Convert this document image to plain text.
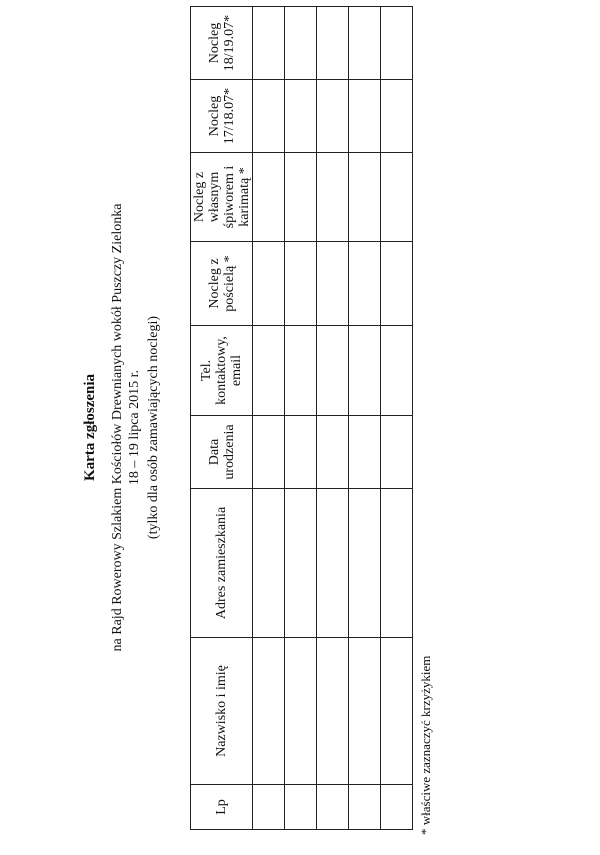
Karta zgłoszenia na Rajd Rowerowy Szlakiem Kościołów Drewnianych wokół Puszczy Zielonka 18 – 19 lipca 2015 r. (tylko dla osób zamawiających noclegi)
Lp	Nazwisko i imię	Adres zamieszkania	Data urodzenia	Tel. kontaktowy, email	Nocleg z pościelą *	Nocleg z własnym śpiworem i karimatą *	Nocleg 17/18.07*	Nocleg 18/19.07*

* właściwe zaznaczyć krzyżykiem
